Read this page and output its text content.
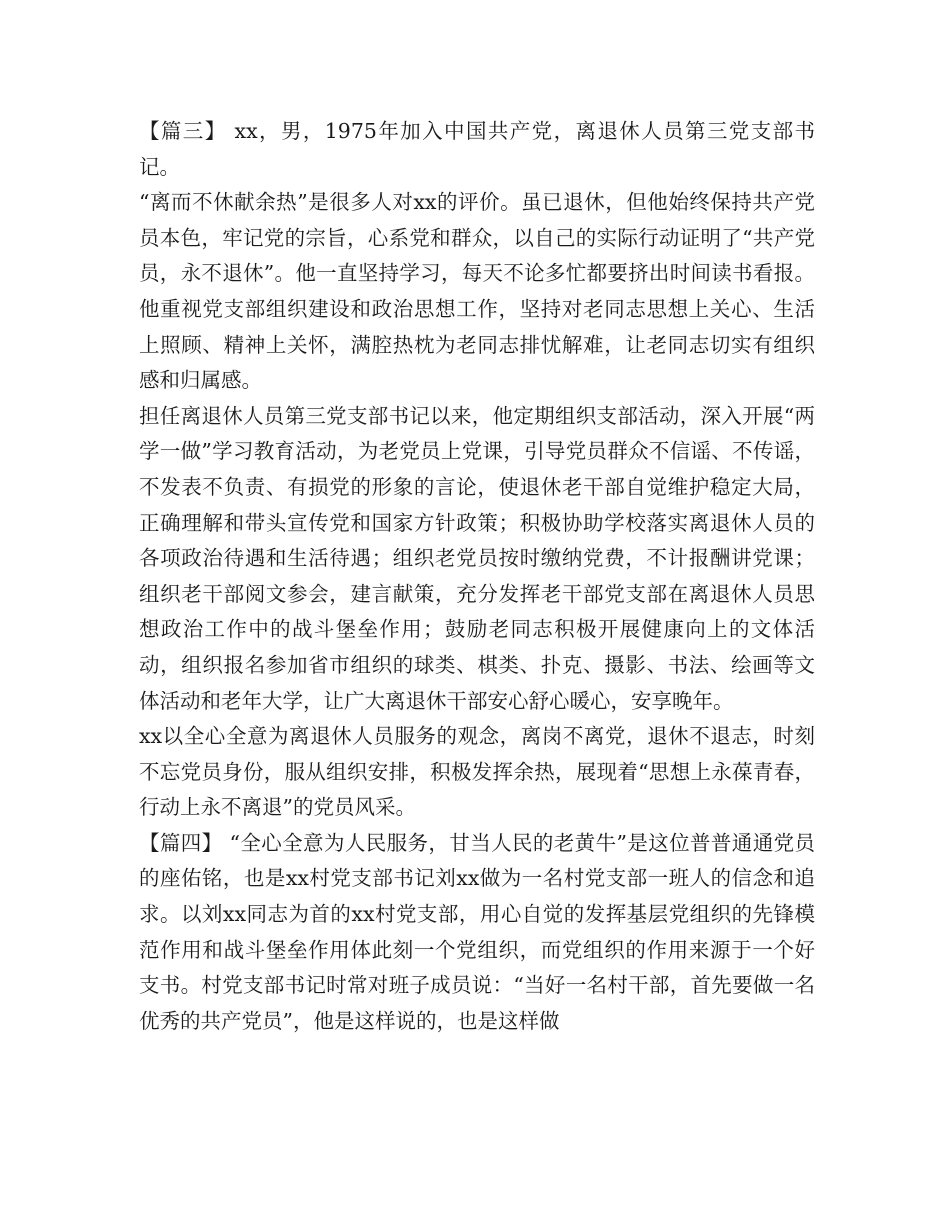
【篇三】 xx，男，1975年加入中国共产党，离退休人员第三党支部书记。

“离而不休献余热”是很多人对xx的评价。虽已退休，但他始终保持共产党员本色，牢记党的宗旨，心系党和群众，以自己的实际行动证明了“共产党员，永不退休”。他一直坚持学习，每天不论多忙都要挤出时间读书看报。他重视党支部组织建设和政治思想工作，坚持对老同志思想上关心、生活上照顾、精神上关怀，满腔热枕为老同志排忧解难，让老同志切实有组织感和归属感。

担任离退休人员第三党支部书记以来，他定期组织支部活动，深入开展“两学一做”学习教育活动，为老党员上党课，引导党员群众不信谣、不传谣，不发表不负责、有损党的形象的言论，使退休老干部自觉维护稳定大局，正确理解和带头宣传党和国家方针政策；积极协助学校落实离退休人员的各项政治待遇和生活待遇；组织老党员按时缴纳党费，不计报酬讲党课；组织老干部阅文参会，建言献策，充分发挥老干部党支部在离退休人员思想政治工作中的战斗堡垒作用；鼓励老同志积极开展健康向上的文体活动，组织报名参加省市组织的球类、棋类、扑克、摄影、书法、绘画等文体活动和老年大学，让广大离退休干部安心舒心暖心，安享晚年。

xx以全心全意为离退休人员服务的观念，离岗不离党，退休不退志，时刻不忘党员身份，服从组织安排，积极发挥余热，展现着“思想上永葆青春，行动上永不离退”的党员风采。

【篇四】 “全心全意为人民服务，甘当人民的老黄牛”是这位普普通通党员的座佑铭，也是xx村党支部书记刘xx做为一名村党支部一班人的信念和追求。以刘xx同志为首的xx村党支部，用心自觉的发挥基层党组织的先锋模范作用和战斗堡垒作用体此刻一个党组织，而党组织的作用来源于一个好支书。村党支部书记时常对班子成员说：“当好一名村干部，首先要做一名优秀的共产党员”，他是这样说的，也是这样做
